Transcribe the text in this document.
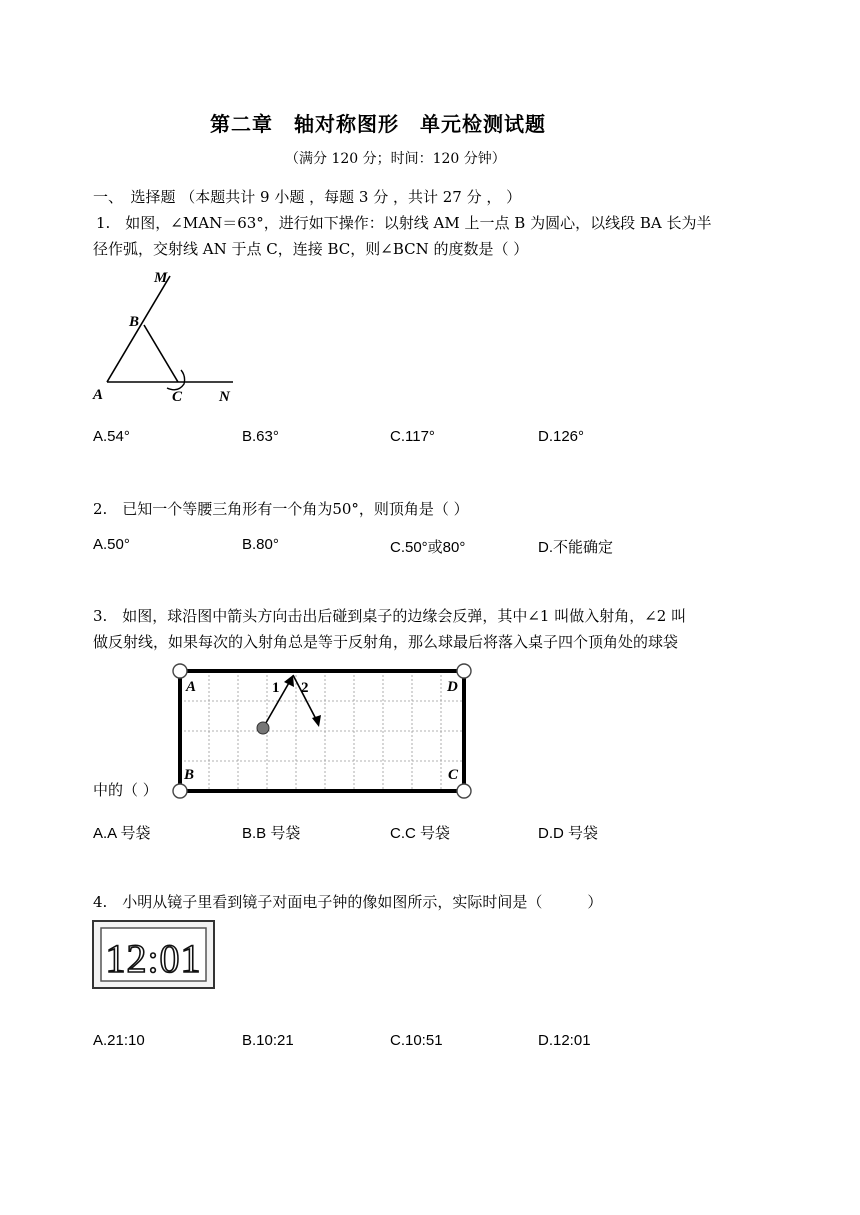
第二章　轴对称图形　单元检测试题
（满分 120 分；时间：120 分钟）
一、　选择题 （本题共计 9 小题 ，每题 3 分 ，共计 27 分 ， ）
1.　如图，∠MAN＝63°，进行如下操作：以射线 AM 上一点 B 为圆心，以线段 BA 长为半
径作弧，交射线 AN 于点 C，连接 BC，则∠BCN 的度数是（ ）
M
B
A	C N
A.54°	B.63°	C.117°	D.126°
2.　已知一个等腰三角形有一个角为50°，则顶角是（ ）
A.50°	B.80°	C.50°或80°	D.不能确定
3.　如图，球沿图中箭头方向击出后碰到桌子的边缘会反弹，其中∠1 叫做入射角，∠2 叫
做反射线，如果每次的入射角总是等于反射角，那么球最后将落入桌子四个顶角处的球袋
A	D
B	C
1 2
中的（ ）
A.A 号袋	B.B 号袋	C.C 号袋	D.D 号袋
4.　小明从镜子里看到镜子对面电子钟的像如图所示，实际时间是（　　　）
12:01
A.21:10	B.10:21	C.10:51	D.12:01
